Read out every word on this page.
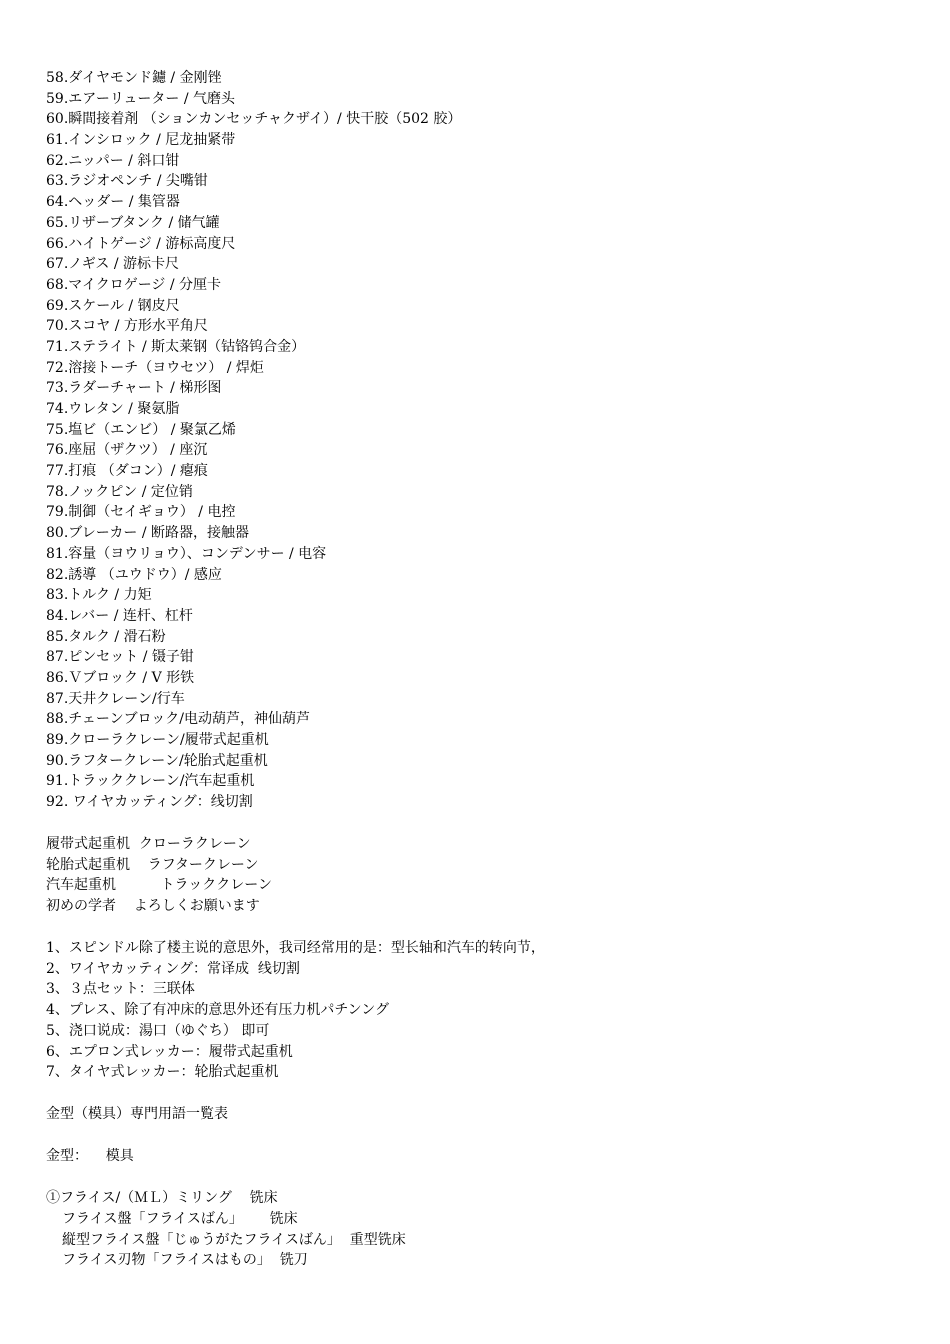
58.ダイヤモンド鑢 / 金刚锉
59.エアーリューター / 气磨头
60.瞬間接着剤 （ションカンセッチャクザイ）/ 快干胶（502 胶）
61.インシロック / 尼龙抽紧带
62.ニッパー / 斜口钳
63.ラジオペンチ / 尖嘴钳
64.ヘッダー / 集管器
65.リザーブタンク / 储气罐
66.ハイトゲージ / 游标高度尺
67.ノギス / 游标卡尺
68.マイクロゲージ / 分厘卡
69.スケール / 钢皮尺
70.スコヤ / 方形水平角尺
71.ステライト / 斯太莱钢（钴铬钨合金）
72.溶接トーチ（ヨウセツ） / 焊炬
73.ラダーチャート / 梯形图
74.ウレタン / 聚氨脂
75.塩ビ（エンビ） / 聚氯乙烯
76.座屈（ザクツ） / 座沉
77.打痕 （ダコン）/ 瘪痕
78.ノックピン / 定位销
79.制御（セイギョウ） / 电控
80.ブレーカー / 断路器，接触器
81.容量（ヨウリョウ）、コンデンサー / 电容
82.誘導 （ユウドウ）/ 感应
83.トルク / 力矩
84.レバー / 连杆、杠杆
85.タルク / 滑石粉
87.ピンセット / 镊子钳
86.Ｖブロック / V 形铁
87.天井クレーン/行车
88.チェーンブロック/电动葫芦，神仙葫芦
89.クローラクレーン/履带式起重机
90.ラフタークレーン/轮胎式起重机
91.トラッククレーン/汽车起重机
92. ワイヤカッティング：线切割
履带式起重机  クローラクレーン
轮胎式起重机    ラフタークレーン
汽车起重机          トラッククレーン
初めの学者    よろしくお願います
1、スピンドル除了楼主说的意思外，我司经常用的是：型长轴和汽车的转向节，
2、ワイヤカッティング：常译成  线切割
3、３点セット：三联体
4、プレス、除了有冲床的意思外还有压力机パチンング
5、浇口说成：湯口（ゆぐち） 即可
6、エプロン式レッカー：履带式起重机
7、タイヤ式レッカー：轮胎式起重机
金型（模具）専門用語一覧表
金型：    模具
①フライス/（ＭＬ）ミリング    铣床
フライス盤「フライスばん」      铣床
縦型フライス盤「じゅうがたフライスばん」  重型铣床
フライス刃物「フライスはもの」  铣刀
